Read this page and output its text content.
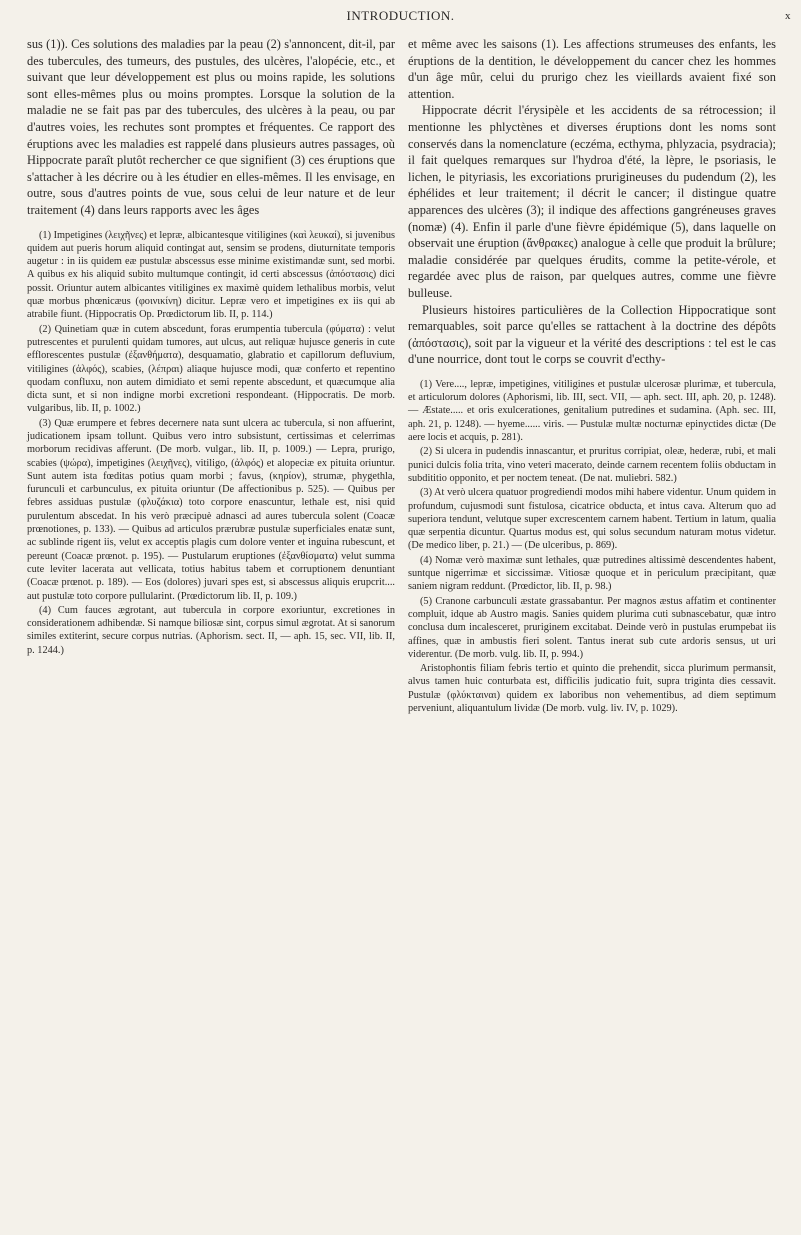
INTRODUCTION.	x

sus (1)). Ces solutions des maladies par la peau (2) s'annoncent, dit-il, par des tubercules, des tumeurs, des pustules, des ulcères, l'alopécie, etc., et suivant que leur développement est plus ou moins rapide, les solutions sont elles-mêmes plus ou moins promptes. Lorsque la solution de la maladie ne se fait pas par des tubercules, des ulcères à la peau, ou par d'autres voies, les rechutes sont promptes et fréquentes. Ce rapport des éruptions avec les maladies est rappelé dans plusieurs autres passages, où Hippocrate paraît plutôt rechercher ce que signifient (3) ces éruptions que s'attacher à les décrire ou à les étudier en elles-mêmes. Il les envisage, en outre, sous d'autres points de vue, sous celui de leur nature et de leur traitement (4) dans leurs rapports avec les âges

(1) Impetigines (λειχῆνες) et lepræ, albicantesque vitiligines (καὶ λευκαί), si juvenibus quidem aut pueris horum aliquid contingat aut, sensim se prodens, diuturnitate temporis augetur : in iis quidem eæ pustulæ abscessus esse minime existimandæ sunt, sed morbi. A quibus ex his aliquid subito multumque contingit, id certi abscessus (ἀπόστασις) dici possit. Oriuntur autem albicantes vitiligines ex maximè quidem lethalibus morbis, velut quæ morbus phœnicæus (φοινικίνη) dicitur. Lepræ vero et impetigines ex iis qui ab atrabile fiunt. (Hippocratis Op. Prœdictorum lib. II, p. 114.)

(2) Quinetiam quæ in cutem abscedunt, foras erumpentia tubercula (φύματα) : velut putrescentes et purulenti quidam tumores, aut ulcus, aut reliquæ hujusce generis in cute efflorescentes pustulæ (ἐξανθήματα), desquamatio, glabratio et capillorum defluvium, vitiligines (ἀλφός), scabies, (λέπραι) aliaque hujusce modi, quæ conferto et repentino quodam confluxu, non autem dimidiato et semi repente abscedunt, et quæcumque alia dicta sunt, et si non indigne morbi excretioni respondeant. (Hippocratis. De morb. vulgaribus, lib. II, p. 1002.)

(3) Quæ erumpere et febres decernere nata sunt ulcera ac tubercula, si non affuerint, judicationem ipsam tollunt. Quibus vero intro subsistunt, certissimas et celerrimas morborum recidivas afferunt. (De morb. vulgar., lib. II, p. 1009.) — Lepra, prurigo, scabies (ψώρα), impetigines (λειχῆνες), vitiligo, (ἀλφός) et alopeciæ ex pituita oriuntur. Sunt autem ista fœditas potius quam morbi ; favus, (κηρίον), strumæ, phygethla, furunculi et carbunculus, ex pituita oriuntur (De affectionibus p. 525). — Quibus per febres assiduas pustulæ (φλυζάκια) toto corpore enascuntur, lethale est, nisi quid purulentum abscedat. In his verò præcipuè adnasci ad aures tubercula solent (Coacæ prœnotiones, p. 133). — Quibus ad articulos prærubræ pustulæ superficiales enatæ sunt, ac sublinde rigent iis, velut ex acceptis plagis cum dolore venter et inguina rubescunt, et pereunt (Coacæ prœnot. p. 195). — Pustularum eruptiones (ἐξανθίσματα) velut summa cute leviter lacerata aut vellicata, totius habitus tabem et corruptionem denuntiant (Coacæ prœnot. p. 189). — Eos (dolores) juvari spes est, si abscessus aliquis erupcrit.... aut pustulæ toto corpore pullularint. (Prœdictorum lib. II, p. 109.)

(4) Cum fauces ægrotant, aut tubercula in corpore exoriuntur, excretiones in considerationem adhibendæ. Si namque biliosæ sint, corpus simul ægrotat. At si sanorum similes extiterint, secure corpus nutrias. (Aphorism. sect. II, — aph. 15, sec. VII, lib. II, p. 1244.)

et même avec les saisons (1). Les affections strumeuses des enfants, les éruptions de la dentition, le développement du cancer chez les hommes d'un âge mûr, celui du prurigo chez les vieillards avaient fixé son attention.

Hippocrate décrit l'érysipèle et les accidents de sa rétrocession; il mentionne les phlyctènes et diverses éruptions dont les noms sont conservés dans la nomenclature (eczéma, ecthyma, phlyzacia, psydracia); il fait quelques remarques sur l'hydroa d'été, la lèpre, le psoriasis, le lichen, le pityriasis, les excoriations prurigineuses du pudendum (2), les éphélides et leur traitement; il décrit le cancer; il distingue quatre apparences des ulcères (3); il indique des affections gangréneuses graves (nomæ) (4). Enfin il parle d'une fièvre épidémique (5), dans laquelle on observait une éruption (ἄνθρακες) analogue à celle que produit la brûlure; maladie considérée par quelques érudits, comme la petite-vérole, et regardée avec plus de raison, par quelques autres, comme une fièvre bulleuse.

Plusieurs histoires particulières de la Collection Hippocratique sont remarquables, soit parce qu'elles se rattachent à la doctrine des dépôts (ἀπόστασις), soit par la vigueur et la vérité des descriptions : tel est le cas d'une nourrice, dont tout le corps se couvrit d'ecthy-

(1) Vere...., lepræ, impetigines, vitiligines et pustulæ ulcerosæ plurimæ, et tubercula, et articulorum dolores (Aphorismi, lib. III, sect. VII, — aph. sect. III, aph. 20, p. 1248). — Æstate..... et oris exulcerationes, genitalium putredines et sudamina. (Aph. sec. III, aph. 21, p. 1248). — hyeme...... viris. — Pustulæ multæ nocturnæ epinyctides dictæ (De aere locis et acquis, p. 281).

(2) Si ulcera in pudendis innascantur, et pruritus corripiat, oleæ, hederæ, rubi, et mali punici dulcis folia trita, vino veteri macerato, deinde carnem recentem foliis obductam in subdititio opponito, et per noctem teneat. (De nat. muliebri. 582.)

(3) At verò ulcera quatuor progrediendi modos mihi habere videntur. Unum quidem in profundum, cujusmodi sunt fistulosa, cicatrice obducta, et intus cava. Alterum quo ad superiora tendunt, velutque super excrescentem carnem habent. Tertium in latum, qualia quæ serpentia dicuntur. Quartus modus est, qui solus secundum naturam motus videtur. (De medico liber, p. 21.) — (De ulceribus, p. 869).

(4) Nomæ verò maximæ sunt lethales, quæ putredines altissimè descendentes habent, suntque nigerrimæ et siccissimæ. Vitiosæ quoque et in periculum præcipitant, quæ saniem nigram reddunt. (Prœdictor, lib. II, p. 98.)

(5) Cranone carbunculi æstate grassabantur. Per magnos æstus affatim et continenter compluit, idque ab Austro magis. Sanies quidem plurima cuti subnascebatur, quæ intro conclusa dum incalesceret, pruriginem excitabat. Deinde verò in pustulas erumpebat iis affines, quæ in ambustis fieri solent. Tantus inerat sub cute ardoris sensus, ut uri viderentur. (De morb. vulg. lib. II, p. 994.)

Aristophontis filiam febris tertio et quinto die prehendit, sicca plurimum permansit, alvus tamen huic conturbata est, difficilis judicatio fuit, supra triginta dies cessavit. Pustulæ (φλύκταιναι) quidem ex laboribus non vehementibus, ad diem septimum perveniunt, aliquantulum lividæ (De morb. vulg. liv. IV, p. 1029).
